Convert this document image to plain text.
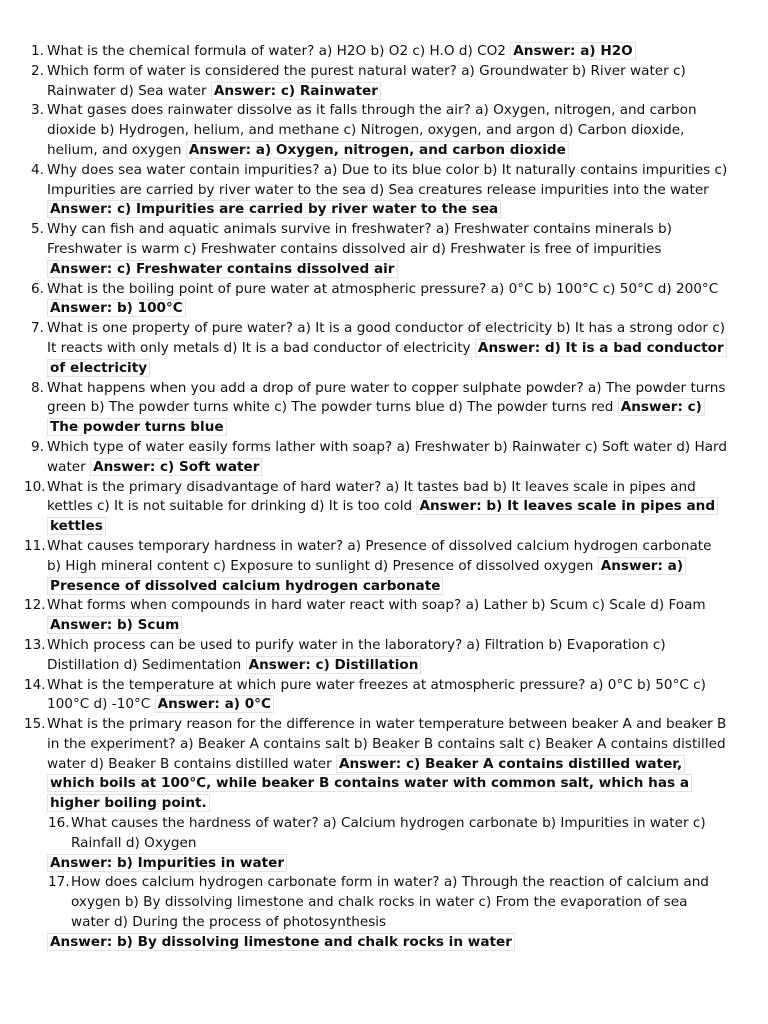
1. What is the chemical formula of water? a) H2O b) O2 c) H.O d) CO2 Answer: a) H2O
2. Which form of water is considered the purest natural water? a) Groundwater b) River water c) Rainwater d) Sea water Answer: c) Rainwater
3. What gases does rainwater dissolve as it falls through the air? a) Oxygen, nitrogen, and carbon dioxide b) Hydrogen, helium, and methane c) Nitrogen, oxygen, and argon d) Carbon dioxide, helium, and oxygen Answer: a) Oxygen, nitrogen, and carbon dioxide
4. Why does sea water contain impurities? a) Due to its blue color b) It naturally contains impurities c) Impurities are carried by river water to the sea d) Sea creatures release impurities into the water Answer: c) Impurities are carried by river water to the sea
5. Why can fish and aquatic animals survive in freshwater? a) Freshwater contains minerals b) Freshwater is warm c) Freshwater contains dissolved air d) Freshwater is free of impurities Answer: c) Freshwater contains dissolved air
6. What is the boiling point of pure water at atmospheric pressure? a) 0°C b) 100°C c) 50°C d) 200°C Answer: b) 100°C
7. What is one property of pure water? a) It is a good conductor of electricity b) It has a strong odor c) It reacts with only metals d) It is a bad conductor of electricity Answer: d) It is a bad conductor of electricity
8. What happens when you add a drop of pure water to copper sulphate powder? a) The powder turns green b) The powder turns white c) The powder turns blue d) The powder turns red Answer: c) The powder turns blue
9. Which type of water easily forms lather with soap? a) Freshwater b) Rainwater c) Soft water d) Hard water Answer: c) Soft water
10. What is the primary disadvantage of hard water? a) It tastes bad b) It leaves scale in pipes and kettles c) It is not suitable for drinking d) It is too cold Answer: b) It leaves scale in pipes and kettles
11. What causes temporary hardness in water? a) Presence of dissolved calcium hydrogen carbonate b) High mineral content c) Exposure to sunlight d) Presence of dissolved oxygen Answer: a) Presence of dissolved calcium hydrogen carbonate
12. What forms when compounds in hard water react with soap? a) Lather b) Scum c) Scale d) Foam Answer: b) Scum
13. Which process can be used to purify water in the laboratory? a) Filtration b) Evaporation c) Distillation d) Sedimentation Answer: c) Distillation
14. What is the temperature at which pure water freezes at atmospheric pressure? a) 0°C b) 50°C c) 100°C d) -10°C Answer: a) 0°C
15. What is the primary reason for the difference in water temperature between beaker A and beaker B in the experiment? a) Beaker A contains salt b) Beaker B contains salt c) Beaker A contains distilled water d) Beaker B contains distilled water Answer: c) Beaker A contains distilled water, which boils at 100°C, while beaker B contains water with common salt, which has a higher boiling point.
16. What causes the hardness of water? a) Calcium hydrogen carbonate b) Impurities in water c) Rainfall d) Oxygen
Answer: b) Impurities in water
17. How does calcium hydrogen carbonate form in water? a) Through the reaction of calcium and oxygen b) By dissolving limestone and chalk rocks in water c) From the evaporation of sea water d) During the process of photosynthesis
Answer: b) By dissolving limestone and chalk rocks in water
